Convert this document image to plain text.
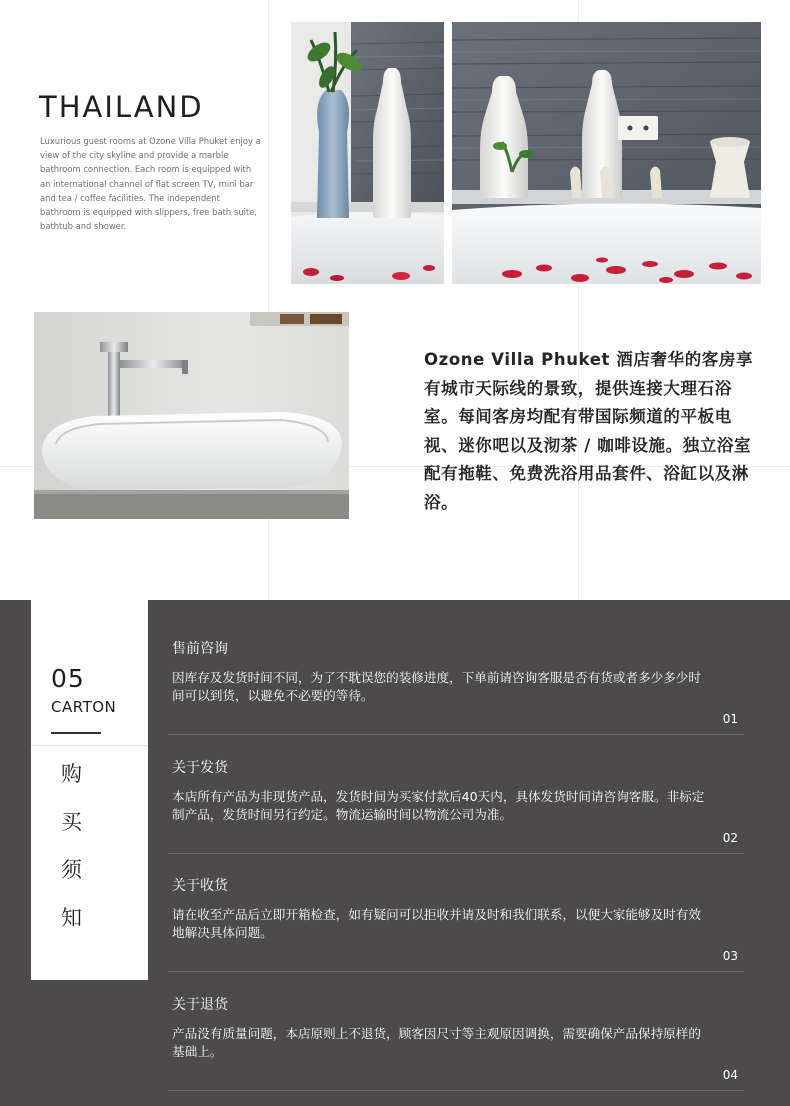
THAILAND

Luxurious guest rooms at Ozone Villa Phuket enjoy a view of the city skyline and provide a marble bathroom connection. Each room is equipped with an international channel of flat screen TV, mini bar and tea / coffee facilities. The independent bathroom is equipped with slippers, free bath suite, bathtub and shower.

Ozone Villa Phuket 酒店奢华的客房享有城市天际线的景致，提供连接大理石浴室。每间客房均配有带国际频道的平板电视、迷你吧以及沏茶 / 咖啡设施。独立浴室配有拖鞋、免费洗浴用品套件、浴缸以及淋浴。

05
CARTON
购
买
须
知
售前咨询
因库存及发货时间不同，为了不耽误您的装修进度，下单前请咨询客服是否有货或者多少多少时间可以到货，以避免不必要的等待。
01
关于发货
本店所有产品为非现货产品，发货时间为买家付款后40天内，具体发货时间请咨询客服。非标定制产品，发货时间另行约定。物流运输时间以物流公司为准。
02
关于收货
请在收至产品后立即开箱检查，如有疑问可以拒收并请及时和我们联系，以便大家能够及时有效地解决具体问题。
03
关于退货
产品没有质量问题，本店原则上不退货，顾客因尺寸等主观原因调换，需要确保产品保持原样的基础上。
04
